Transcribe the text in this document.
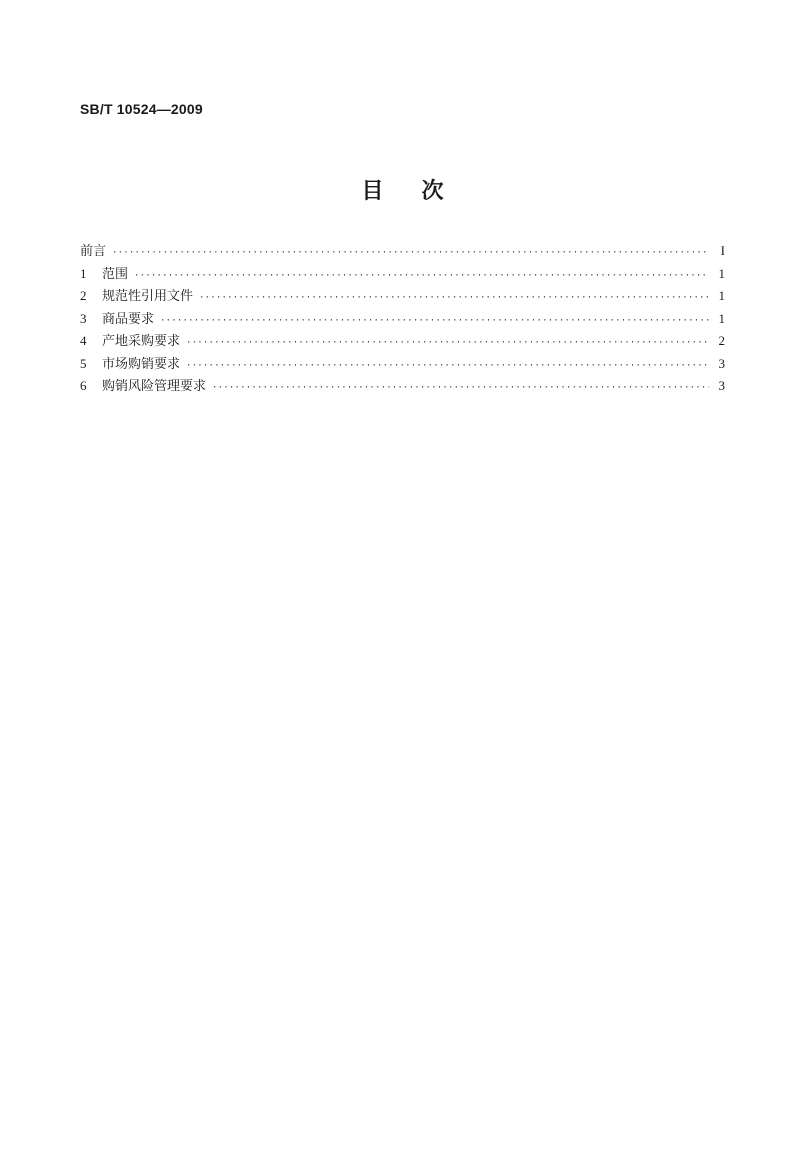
SB/T 10524—2009
目次
前言 ·····	I
1	范围 ·····	1
2	规范性引用文件 ·····	1
3	商品要求 ·····	1
4	产地采购要求 ·····	2
5	市场购销要求 ·····	3
6	购销风险管理要求 ·····	3
